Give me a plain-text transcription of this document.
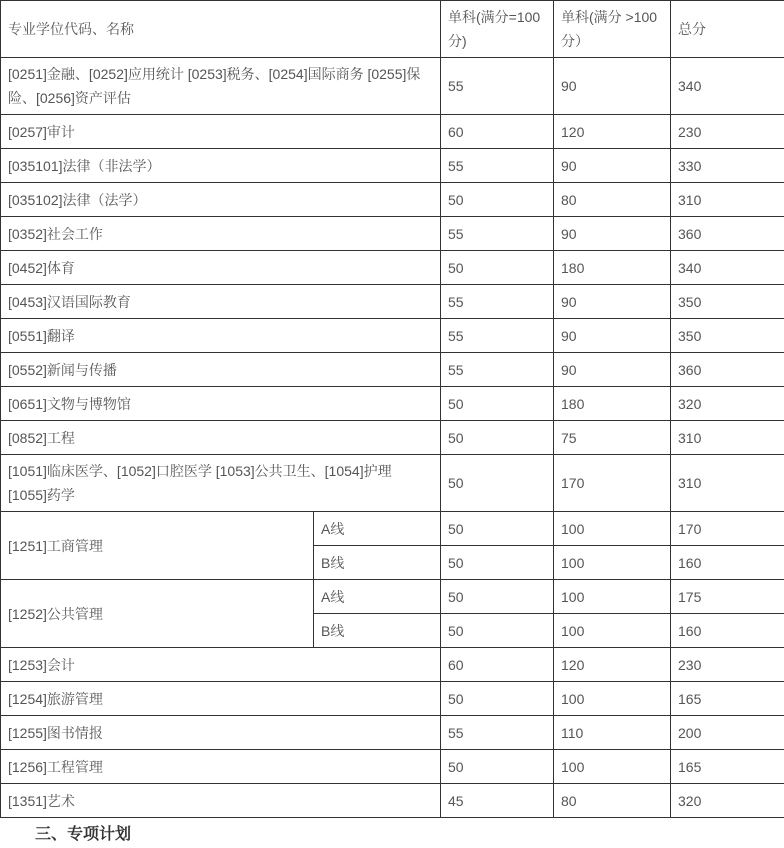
专业学位代码、名称		单科(满分=100分)	单科(满分 >100 分）	总分
[0251]金融、[0252]应用统计 [0253]税务、[0254]国际商务 [0255]保险、[0256]资产评估		55	90	340
[0257]审计		60	120	230
[035101]法律（非法学）		55	90	330
[035102]法律（法学）		50	80	310
[0352]社会工作		55	90	360
[0452]体育		50	180	340
[0453]汉语国际教育		55	90	350
[0551]翻译		55	90	350
[0552]新闻与传播		55	90	360
[0651]文物与博物馆		50	180	320
[0852]工程		50	75	310
[1051]临床医学、[1052]口腔医学 [1053]公共卫生、[1054]护理 [1055]药学		50	170	310
[1251]工商管理	A线	50	100	170
	B线	50	100	160
[1252]公共管理	A线	50	100	175
	B线	50	100	160
[1253]会计		60	120	230
[1254]旅游管理		50	100	165
[1255]图书情报		55	110	200
[1256]工程管理		50	100	165
[1351]艺术		45	80	320
三、专项计划
